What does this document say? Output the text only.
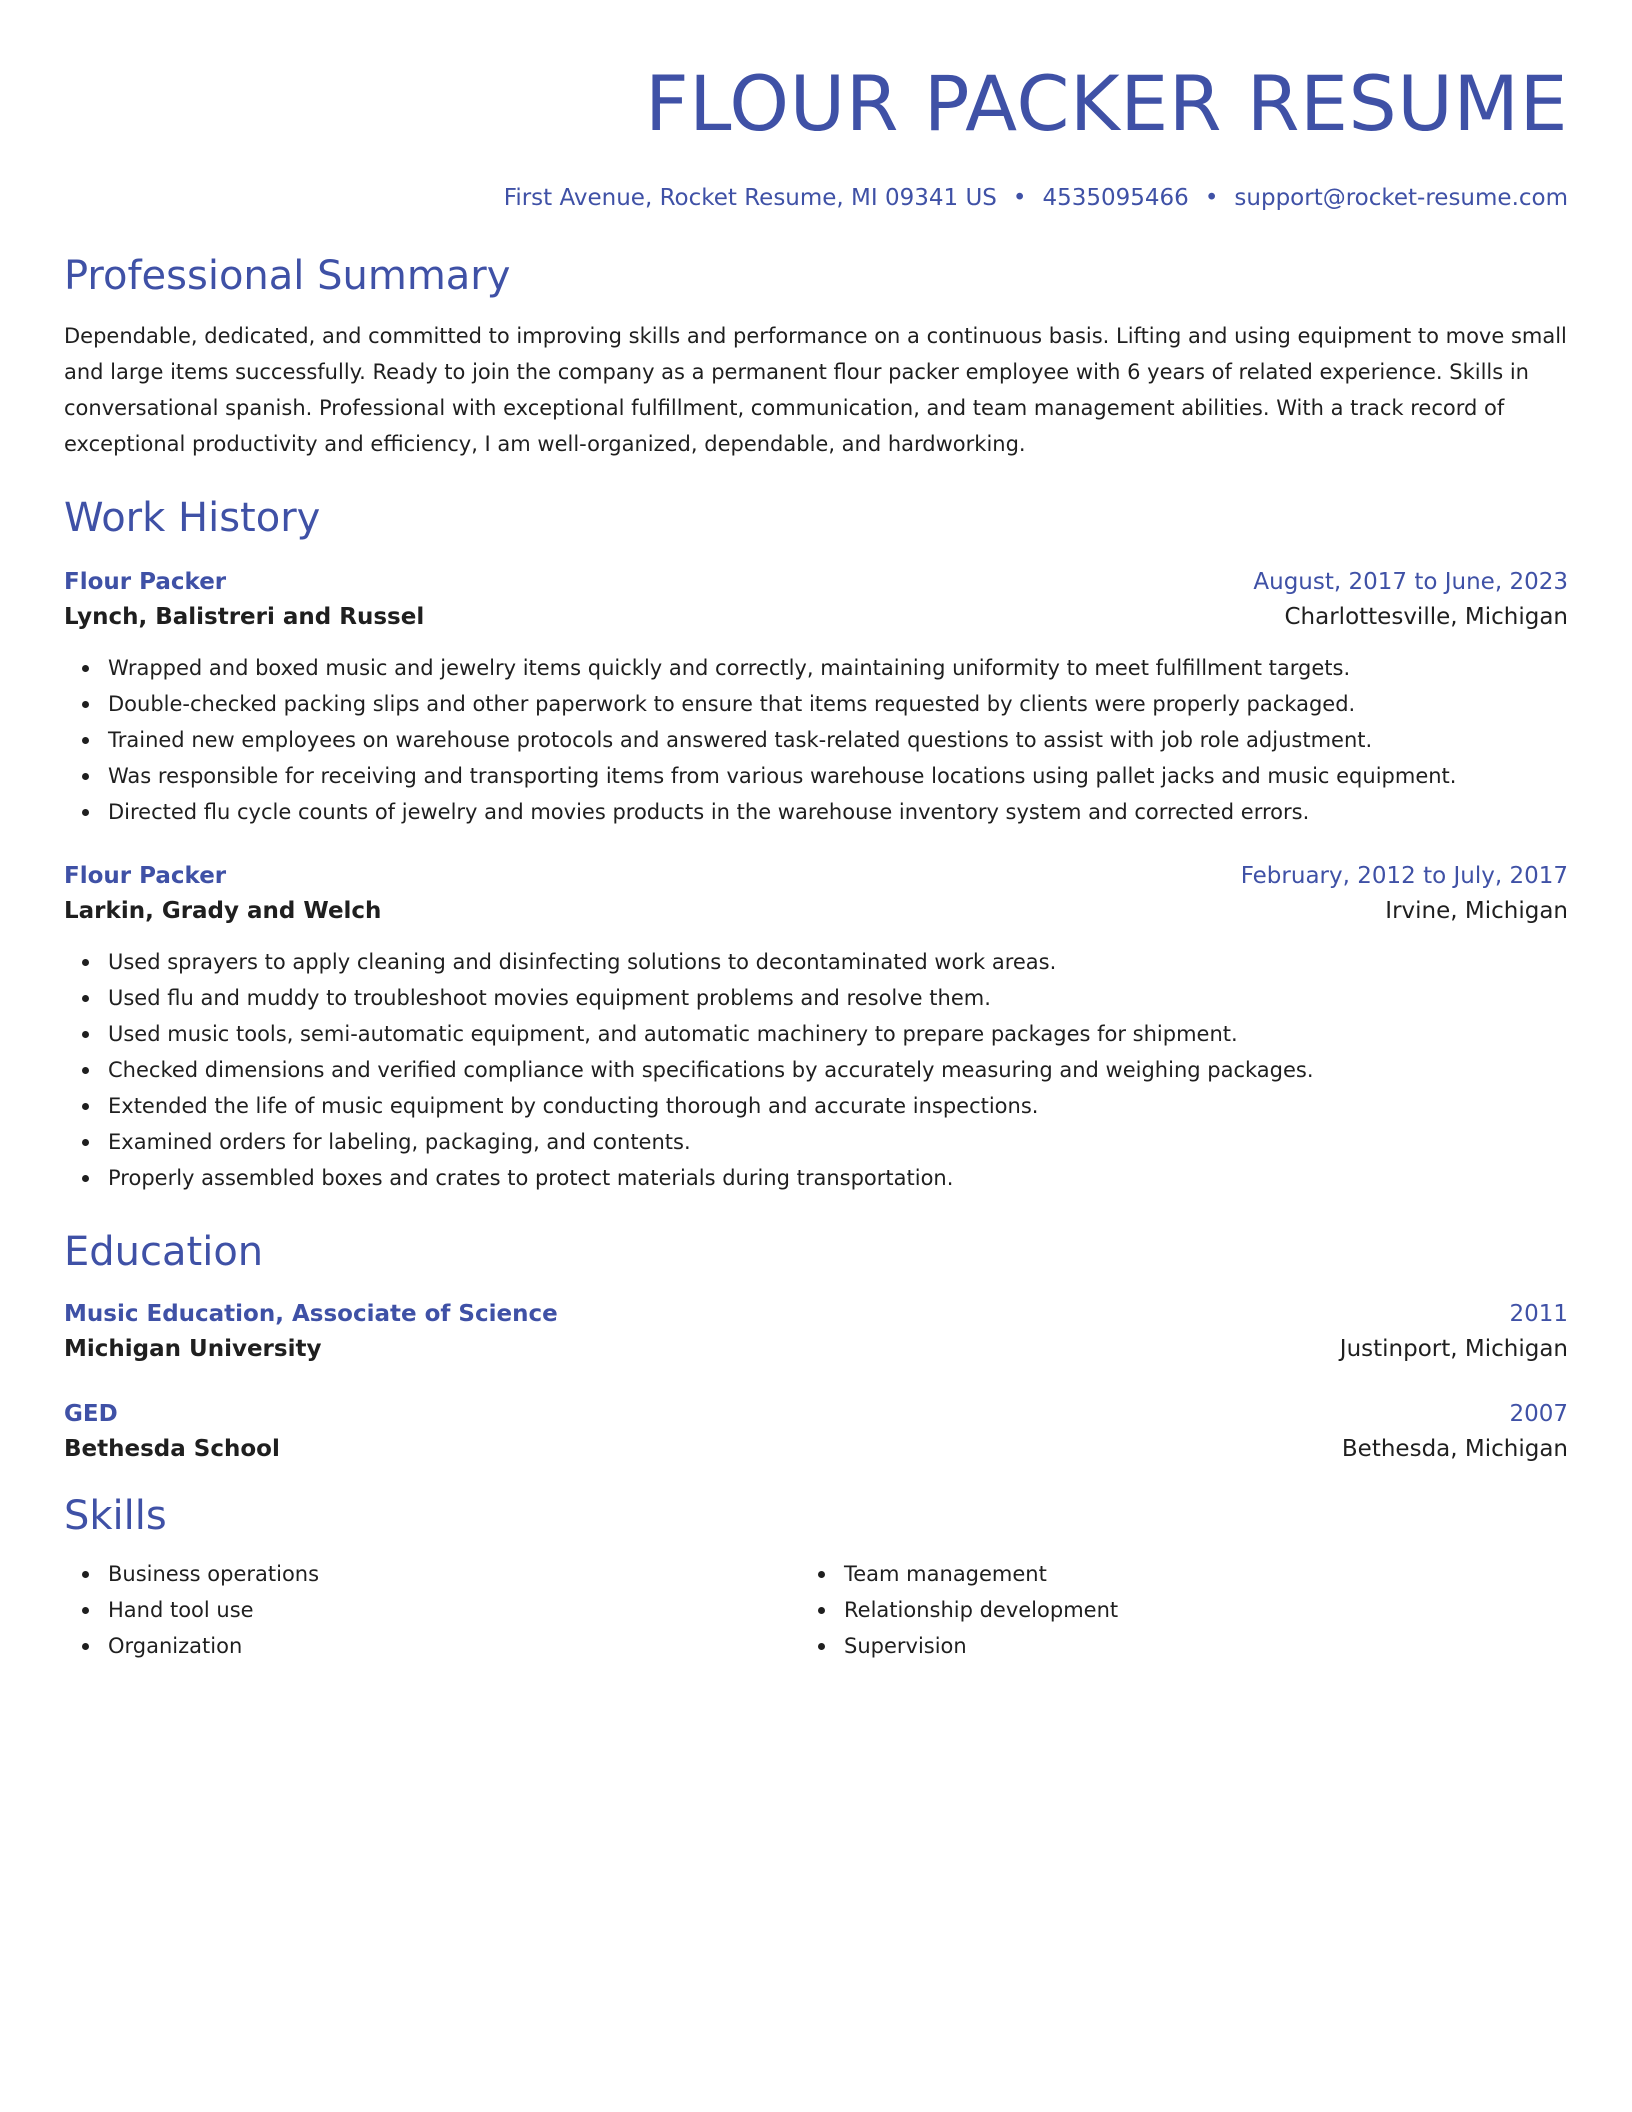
FLOUR PACKER RESUME
First Avenue, Rocket Resume, MI 09341 US • 4535095466 • support@rocket-resume.com
Professional Summary
Dependable, dedicated, and committed to improving skills and performance on a continuous basis. Lifting and using equipment to move small and large items successfully. Ready to join the company as a permanent flour packer employee with 6 years of related experience. Skills in conversational spanish. Professional with exceptional fulfillment, communication, and team management abilities. With a track record of exceptional productivity and efficiency, I am well-organized, dependable, and hardworking.
Work History
Flour Packer	August, 2017 to June, 2023
Lynch, Balistreri and Russel	Charlottesville, Michigan
Wrapped and boxed music and jewelry items quickly and correctly, maintaining uniformity to meet fulfillment targets.
Double-checked packing slips and other paperwork to ensure that items requested by clients were properly packaged.
Trained new employees on warehouse protocols and answered task-related questions to assist with job role adjustment.
Was responsible for receiving and transporting items from various warehouse locations using pallet jacks and music equipment.
Directed flu cycle counts of jewelry and movies products in the warehouse inventory system and corrected errors.
Flour Packer	February, 2012 to July, 2017
Larkin, Grady and Welch	Irvine, Michigan
Used sprayers to apply cleaning and disinfecting solutions to decontaminated work areas.
Used flu and muddy to troubleshoot movies equipment problems and resolve them.
Used music tools, semi-automatic equipment, and automatic machinery to prepare packages for shipment.
Checked dimensions and verified compliance with specifications by accurately measuring and weighing packages.
Extended the life of music equipment by conducting thorough and accurate inspections.
Examined orders for labeling, packaging, and contents.
Properly assembled boxes and crates to protect materials during transportation.
Education
Music Education, Associate of Science	2011
Michigan University	Justinport, Michigan
GED	2007
Bethesda School	Bethesda, Michigan
Skills
Business operations
Hand tool use
Organization
Team management
Relationship development
Supervision
